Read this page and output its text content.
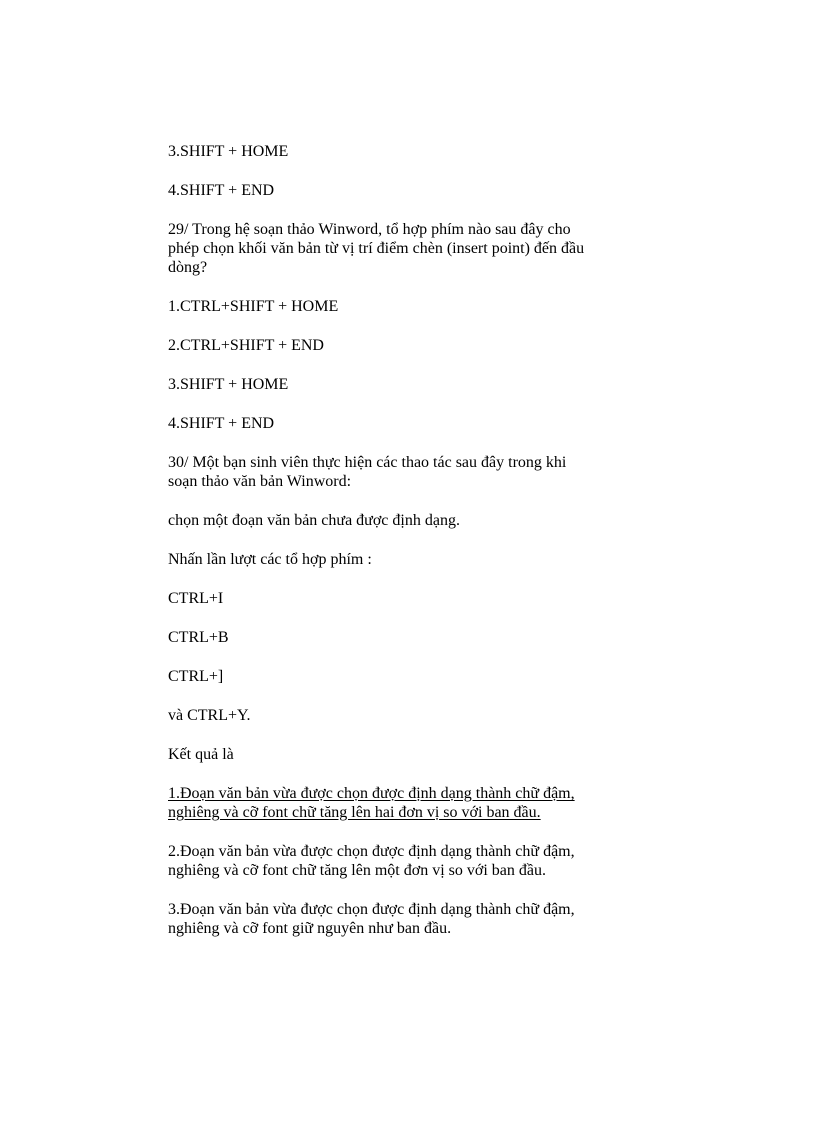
3.SHIFT + HOME

4.SHIFT + END

29/ Trong hệ soạn thảo Winword, tổ hợp phím nào sau đây cho
phép chọn khối văn bản từ vị trí điểm chèn (insert point) đến đầu
dòng?

1.CTRL+SHIFT + HOME

2.CTRL+SHIFT + END

3.SHIFT + HOME

4.SHIFT + END

30/ Một bạn sinh viên thực hiện các thao tác sau đây trong khi
soạn thảo văn bản Winword:

chọn một đoạn văn bản chưa được định dạng.

Nhấn lần lượt các tổ hợp phím :

CTRL+I

CTRL+B

CTRL+]

và CTRL+Y.

Kết quả là

1.Đoạn văn bản vừa được chọn được định dạng thành chữ đậm,
nghiêng và cỡ font chữ tăng lên hai đơn vị so với ban đầu.

2.Đoạn văn bản vừa được chọn được định dạng thành chữ đậm,
nghiêng và cỡ font chữ tăng lên một đơn vị so với ban đầu.

3.Đoạn văn bản vừa được chọn được định dạng thành chữ đậm,
nghiêng và cỡ font giữ nguyên như ban đầu.
